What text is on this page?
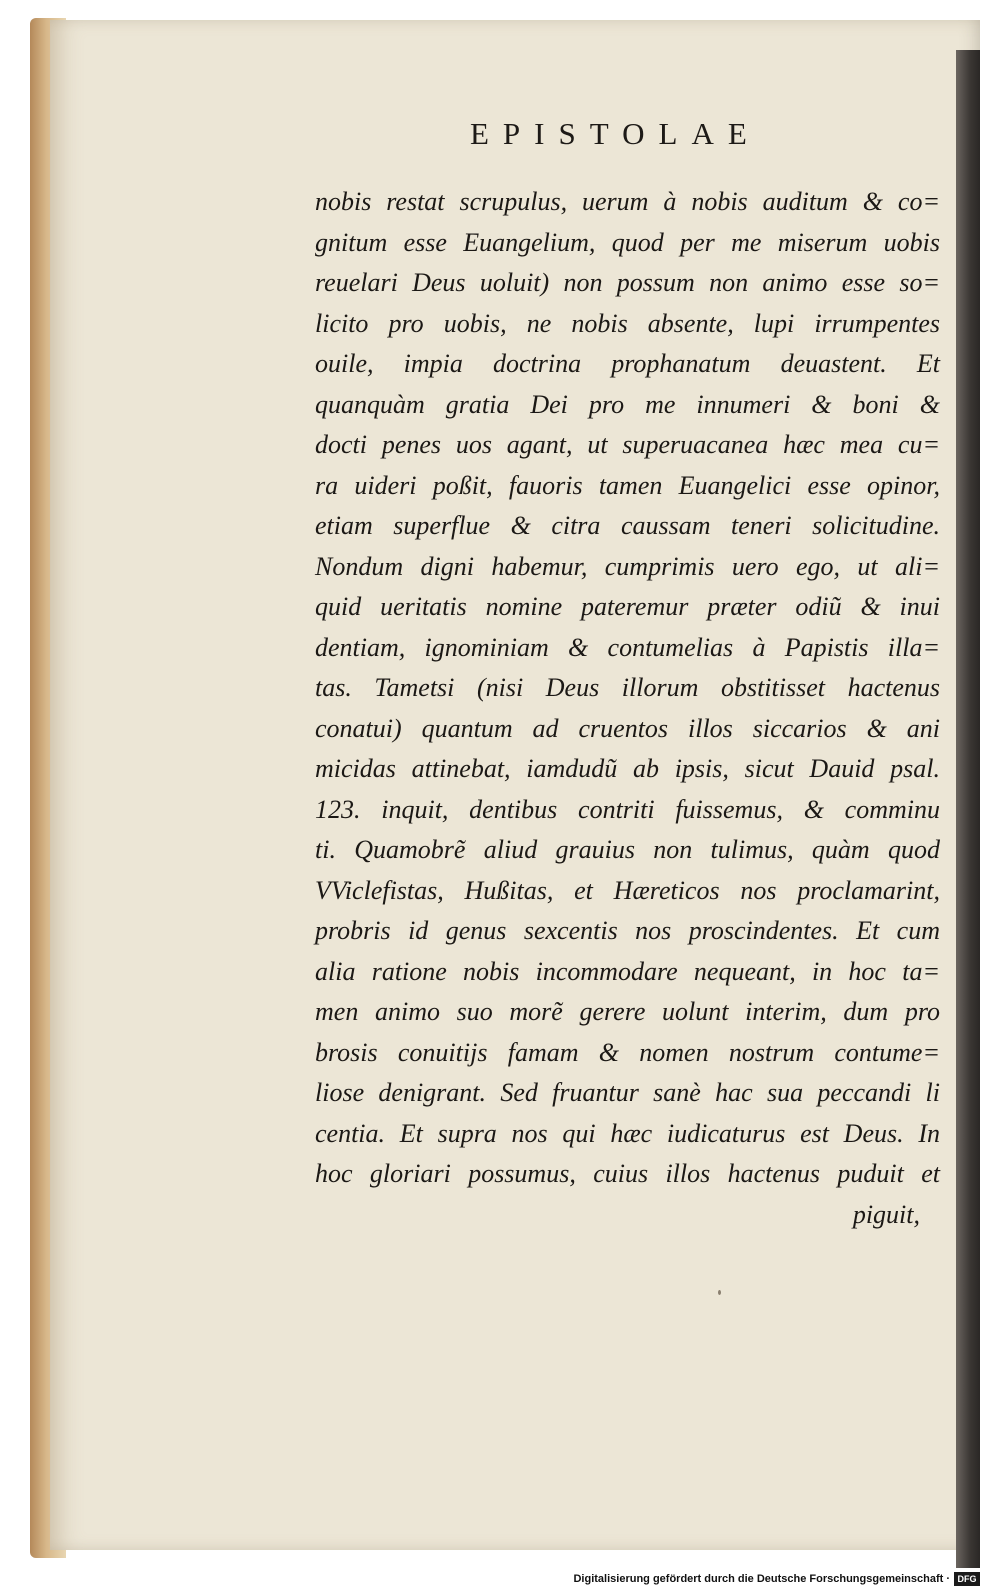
EPISTOLAE
nobis restat scrupulus, uerum à nobis auditum & co=
gnitum esse Euangelium, quod per me miserum uobis
reuelari Deus uoluit) non possum non animo esse so=
licito pro uobis, ne nobis absente, lupi irrumpentes
ouile, impia doctrina prophanatum deuastent. Et
quanquàm gratia Dei pro me innumeri & boni &
docti penes uos agant, ut superuacanea hæc mea cu=
ra uideri poßit, fauoris tamen Euangelici esse opinor,
etiam superflue & citra caussam teneri solicitudine.
Nondum digni habemur, cumprimis uero ego, ut ali=
quid ueritatis nomine pateremur præter odiũ & inui
dentiam, ignominiam & contumelias à Papistis illa=
tas. Tametsi (nisi Deus illorum obstitisset hactenus
conatui) quantum ad cruentos illos siccarios & ani
micidas attinebat, iamdudũ ab ipsis, sicut Dauid psal.
123. inquit, dentibus contriti fuissemus, & comminu
ti. Quamobrẽ aliud grauius non tulimus, quàm quod
VViclefistas, Hußitas, et Hæreticos nos proclamarint,
probris id genus sexcentis nos proscindentes. Et cum
alia ratione nobis incommodare nequeant, in hoc ta=
men animo suo morẽ gerere uolunt interim, dum pro
brosis conuitijs famam & nomen nostrum contume=
liose denigrant. Sed fruantur sanè hac sua peccandi li
centia. Et supra nos qui hæc iudicaturus est Deus. In
hoc gloriari possumus, cuius illos hactenus puduit et
piguit,
Digitalisierung gefördert durch die Deutsche Forschungsgemeinschaft · DFG
